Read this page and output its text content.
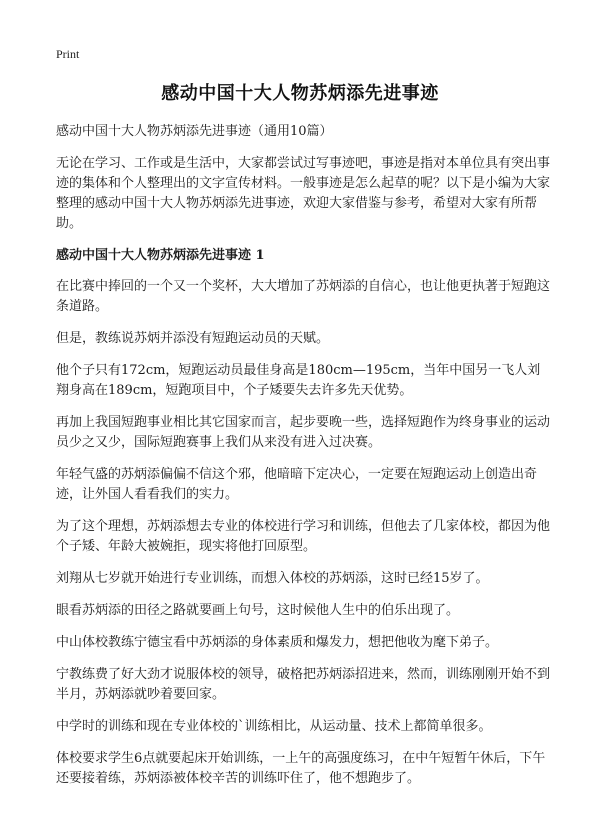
Print
感动中国十大人物苏炳添先进事迹

感动中国十大人物苏炳添先进事迹（通用10篇）

无论在学习、工作或是生活中，大家都尝试过写事迹吧，事迹是指对本单位具有突出事迹的集体和个人整理出的文字宣传材料。一般事迹是怎么起草的呢？以下是小编为大家整理的感动中国十大人物苏炳添先进事迹，欢迎大家借鉴与参考，希望对大家有所帮助。

感动中国十大人物苏炳添先进事迹 1

在比赛中捧回的一个又一个奖杯，大大增加了苏炳添的自信心，也让他更执著于短跑这条道路。

但是，教练说苏炳并添没有短跑运动员的天赋。

他个子只有172cm，短跑运动员最佳身高是180cm—195cm，当年中国另一飞人刘翔身高在189cm，短跑项目中，个子矮要失去许多先天优势。

再加上我国短跑事业相比其它国家而言，起步要晚一些，选择短跑作为终身事业的运动员少之又少，国际短跑赛事上我们从来没有进入过决赛。

年轻气盛的苏炳添偏偏不信这个邪，他暗暗下定决心，一定要在短跑运动上创造出奇迹，让外国人看看我们的实力。

为了这个理想，苏炳添想去专业的体校进行学习和训练，但他去了几家体校，都因为他个子矮、年龄大被婉拒，现实将他打回原型。

刘翔从七岁就开始进行专业训练，而想入体校的苏炳添，这时已经15岁了。

眼看苏炳添的田径之路就要画上句号，这时候他人生中的伯乐出现了。

中山体校教练宁德宝看中苏炳添的身体素质和爆发力，想把他收为麾下弟子。

宁教练费了好大劲才说服体校的领导，破格把苏炳添招进来，然而，训练刚刚开始不到半月，苏炳添就吵着要回家。

中学时的训练和现在专业体校的`训练相比，从运动量、技术上都简单很多。

体校要求学生6点就要起床开始训练，一上午的高强度练习，在中午短暂午休后，下午还要接着练，苏炳添被体校辛苦的训练吓住了，他不想跑步了。
